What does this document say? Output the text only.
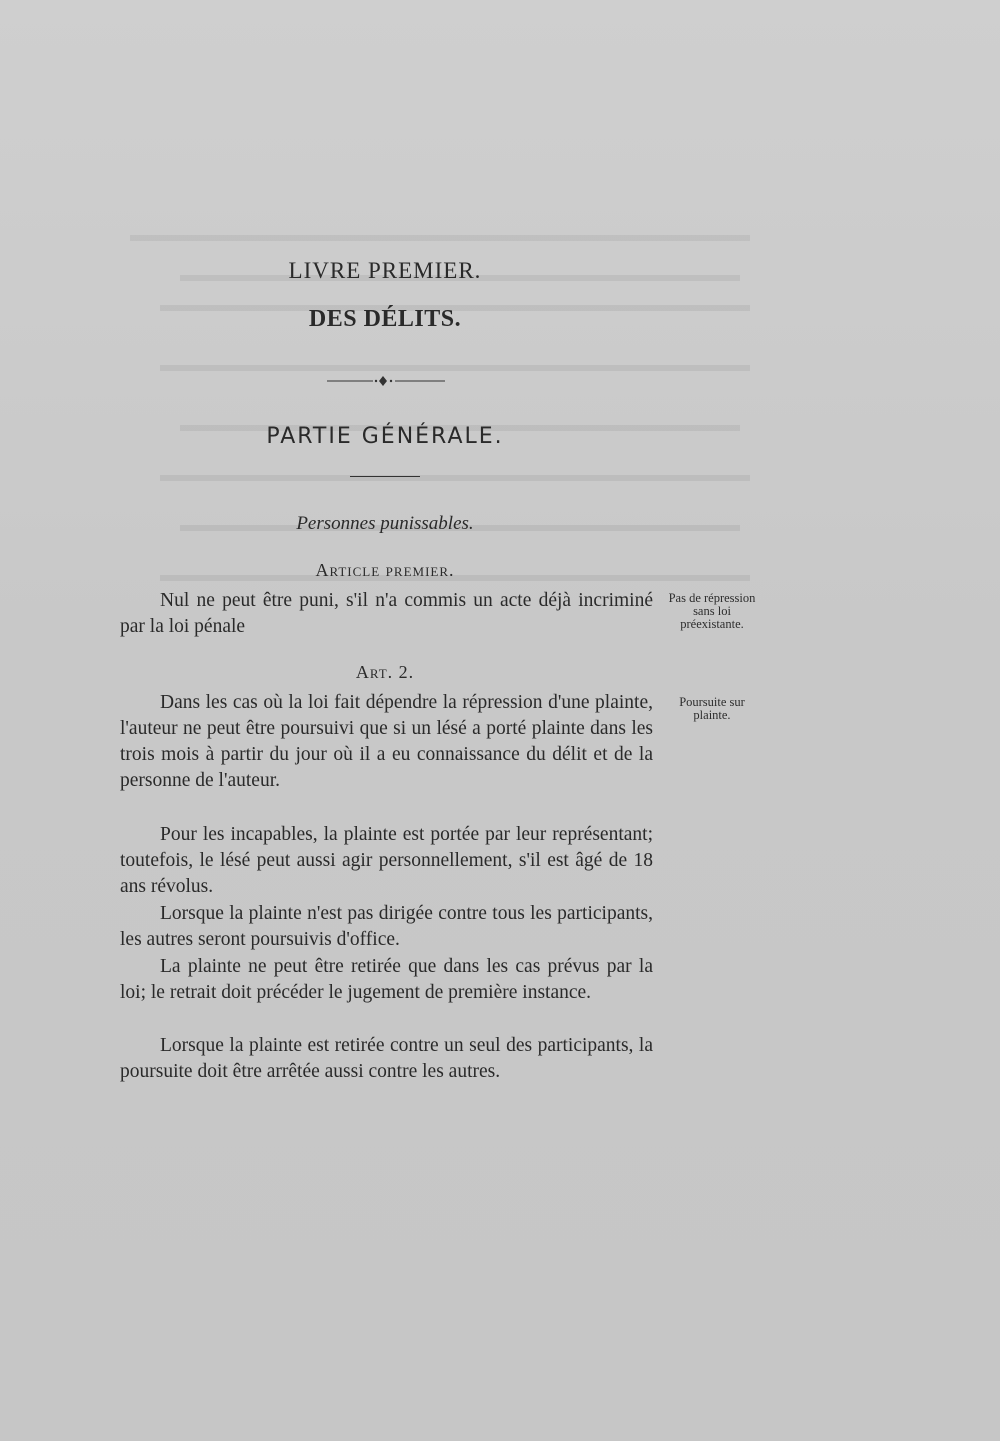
LIVRE PREMIER.
DES DÉLITS.
PARTIE GÉNÉRALE.
Personnes punissables.
Article premier.
Nul ne peut être puni, s'il n'a commis un acte déjà incriminé par la loi pénale
Pas de répression sans loi préexistante.
Art. 2.
Poursuite sur plainte.
Dans les cas où la loi fait dépendre la répression d'une plainte, l'auteur ne peut être poursuivi que si un lésé a porté plainte dans les trois mois à partir du jour où il a eu connaissance du délit et de la personne de l'auteur.
Pour les incapables, la plainte est portée par leur représentant; toutefois, le lésé peut aussi agir personnellement, s'il est âgé de 18 ans révolus.
Lorsque la plainte n'est pas dirigée contre tous les participants, les autres seront poursuivis d'office.
La plainte ne peut être retirée que dans les cas prévus par la loi; le retrait doit précéder le jugement de première instance.
Lorsque la plainte est retirée contre un seul des participants, la poursuite doit être arrêtée aussi contre les autres.
